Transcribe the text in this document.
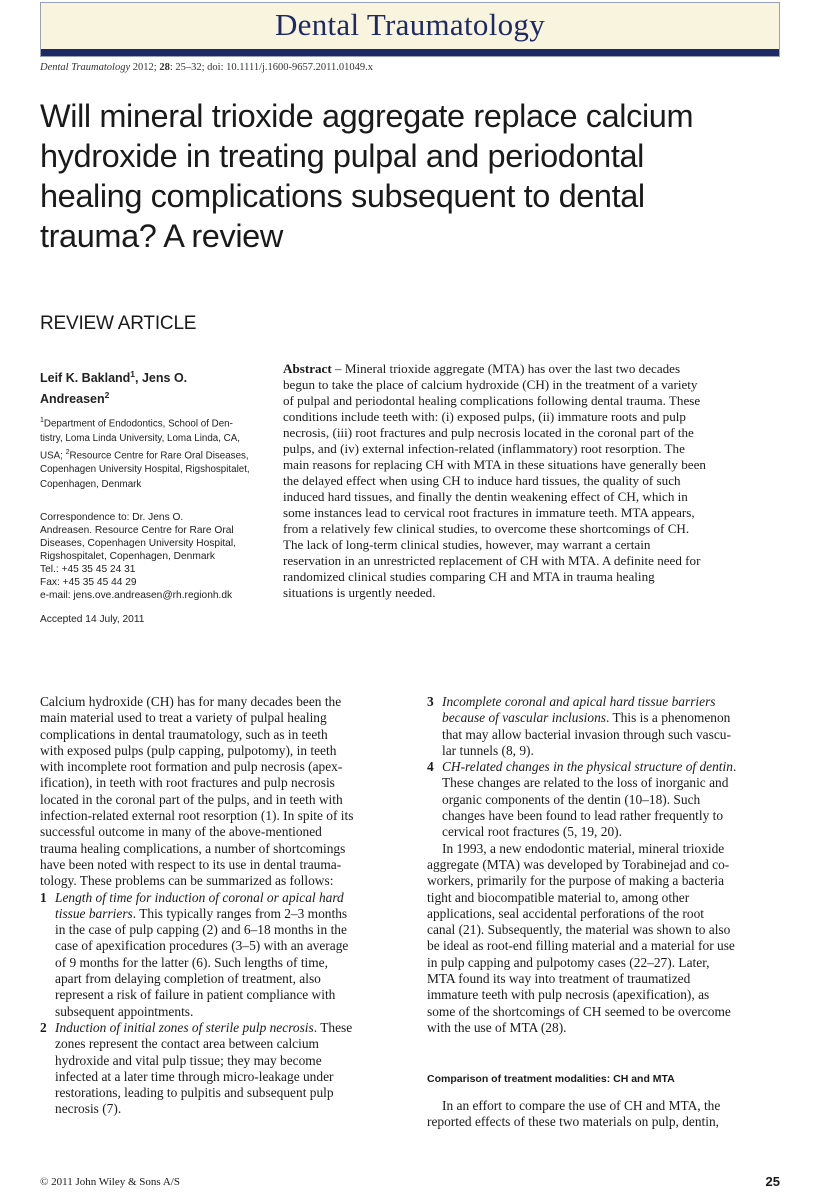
Dental Traumatology
Dental Traumatology 2012; 28: 25–32; doi: 10.1111/j.1600-9657.2011.01049.x
Will mineral trioxide aggregate replace calcium
hydroxide in treating pulpal and periodontal
healing complications subsequent to dental
trauma? A review
REVIEW ARTICLE
Leif K. Bakland$^1$, Jens O.
Andreasen$^2$
$^1$Department of Endodontics, School of Den-
tistry, Loma Linda University, Loma Linda, CA,
USA; $^2$Resource Centre for Rare Oral Diseases,
Copenhagen University Hospital, Rigshospitalet,
Copenhagen, Denmark
Correspondence to: Dr. Jens O.
Andreasen. Resource Centre for Rare Oral
Diseases, Copenhagen University Hospital,
Rigshospitalet, Copenhagen, Denmark
Tel.: +45 35 45 24 31
Fax: +45 35 45 44 29
e-mail: jens.ove.andreasen@rh.regionh.dk
Accepted 14 July, 2011
Abstract – Mineral trioxide aggregate (MTA) has over the last two decades
begun to take the place of calcium hydroxide (CH) in the treatment of a variety
of pulpal and periodontal healing complications following dental trauma. These
conditions include teeth with: (i) exposed pulps, (ii) immature roots and pulp
necrosis, (iii) root fractures and pulp necrosis located in the coronal part of the
pulps, and (iv) external infection-related (inflammatory) root resorption. The
main reasons for replacing CH with MTA in these situations have generally been
the delayed effect when using CH to induce hard tissues, the quality of such
induced hard tissues, and finally the dentin weakening effect of CH, which in
some instances lead to cervical root fractures in immature teeth. MTA appears,
from a relatively few clinical studies, to overcome these shortcomings of CH.
The lack of long-term clinical studies, however, may warrant a certain
reservation in an unrestricted replacement of CH with MTA. A definite need for
randomized clinical studies comparing CH and MTA in trauma healing
situations is urgently needed.
Calcium hydroxide (CH) has for many decades been the
main material used to treat a variety of pulpal healing
complications in dental traumatology, such as in teeth
with exposed pulps (pulp capping, pulpotomy), in teeth
with incomplete root formation and pulp necrosis (apex-
ification), in teeth with root fractures and pulp necrosis
located in the coronal part of the pulps, and in teeth with
infection-related external root resorption (1). In spite of its
successful outcome in many of the above-mentioned
trauma healing complications, a number of shortcomings
have been noted with respect to its use in dental trauma-
tology. These problems can be summarized as follows:
1 Length of time for induction of coronal or apical hard
tissue barriers. This typically ranges from 2–3 months
in the case of pulp capping (2) and 6–18 months in the
case of apexification procedures (3–5) with an average
of 9 months for the latter (6). Such lengths of time,
apart from delaying completion of treatment, also
represent a risk of failure in patient compliance with
subsequent appointments.
2 Induction of initial zones of sterile pulp necrosis. These
zones represent the contact area between calcium
hydroxide and vital pulp tissue; they may become
infected at a later time through micro-leakage under
restorations, leading to pulpitis and subsequent pulp
necrosis (7).
3 Incomplete coronal and apical hard tissue barriers
because of vascular inclusions. This is a phenomenon
that may allow bacterial invasion through such vascu-
lar tunnels (8, 9).
4 CH-related changes in the physical structure of dentin.
These changes are related to the loss of inorganic and
organic components of the dentin (10–18). Such
changes have been found to lead rather frequently to
cervical root fractures (5, 19, 20).
In 1993, a new endodontic material, mineral trioxide
aggregate (MTA) was developed by Torabinejad and co-
workers, primarily for the purpose of making a bacteria
tight and biocompatible material to, among other
applications, seal accidental perforations of the root
canal (21). Subsequently, the material was shown to also
be ideal as root-end filling material and a material for use
in pulp capping and pulpotomy cases (22–27). Later,
MTA found its way into treatment of traumatized
immature teeth with pulp necrosis (apexification), as
some of the shortcomings of CH seemed to be overcome
with the use of MTA (28).
Comparison of treatment modalities: CH and MTA
In an effort to compare the use of CH and MTA, the
reported effects of these two materials on pulp, dentin,
© 2011 John Wiley & Sons A/S	25
